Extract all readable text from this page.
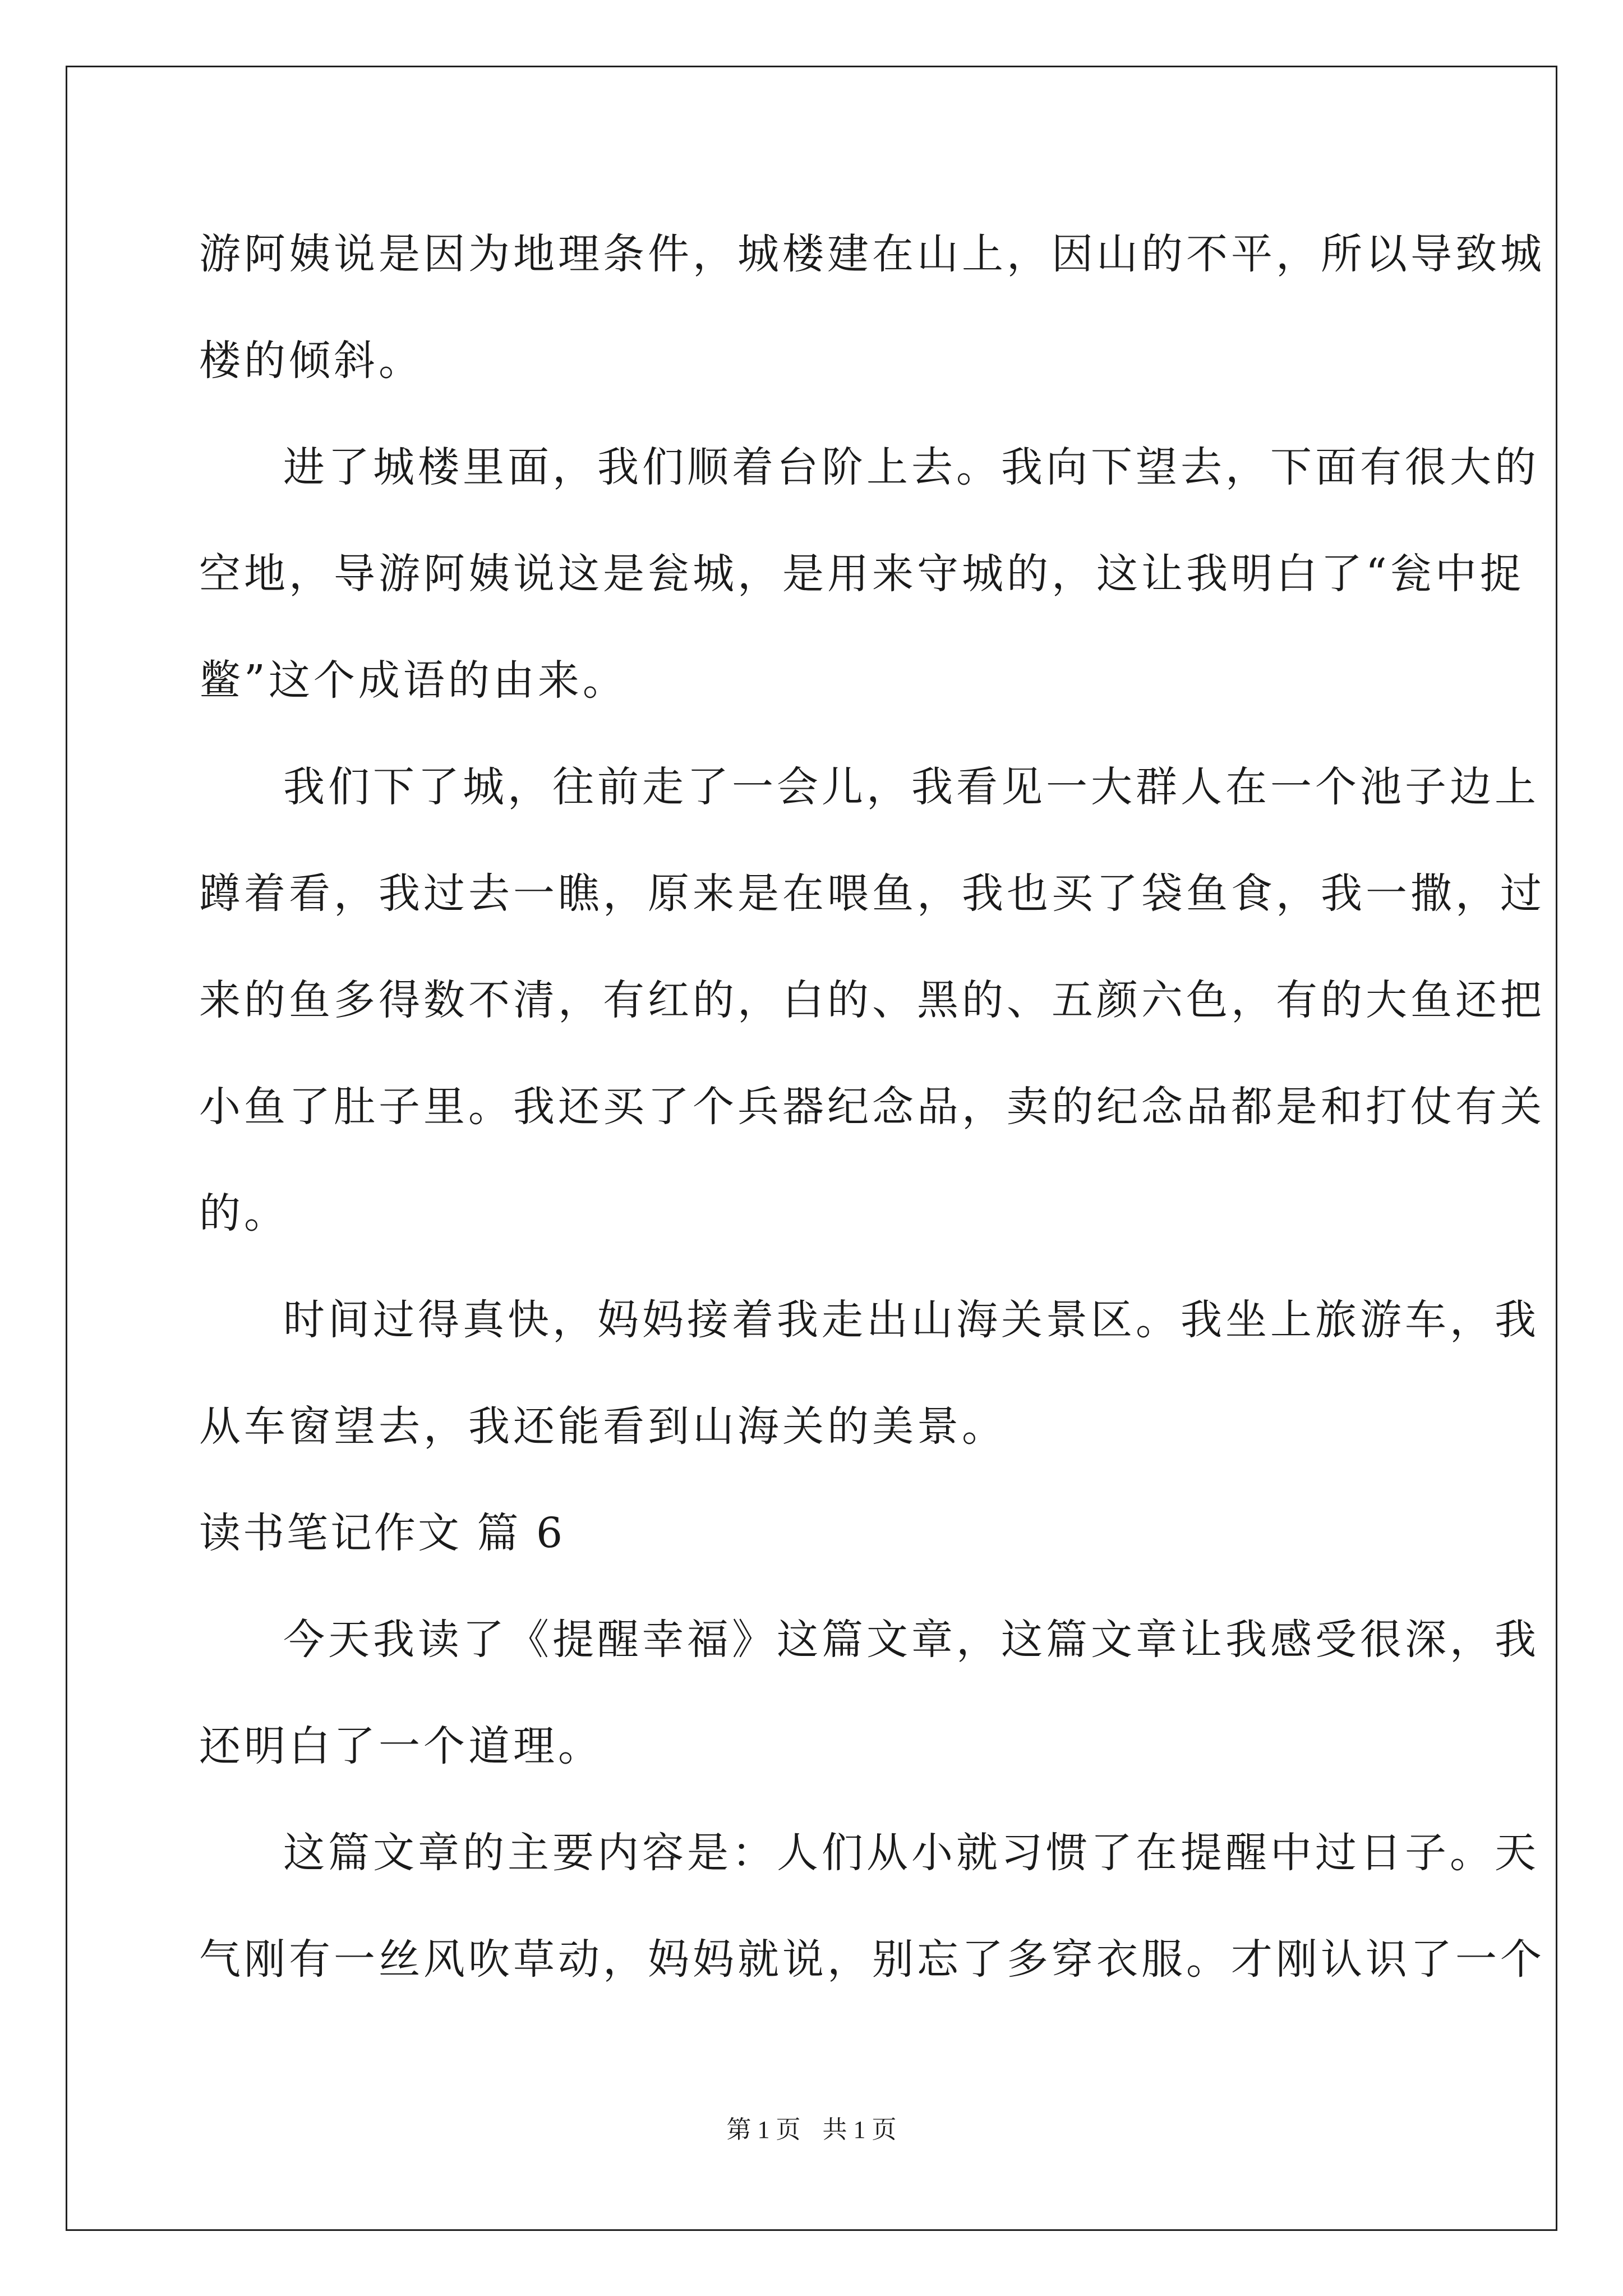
游阿姨说是因为地理条件，城楼建在山上，因山的不平，所以导致城
楼的倾斜。
进了城楼里面，我们顺着台阶上去。我向下望去，下面有很大的
空地，导游阿姨说这是瓮城，是用来守城的，这让我明白了“瓮中捉
鳖”这个成语的由来。
我们下了城，往前走了一会儿，我看见一大群人在一个池子边上
蹲着看，我过去一瞧，原来是在喂鱼，我也买了袋鱼食，我一撒，过
来的鱼多得数不清，有红的，白的、黑的、五颜六色，有的大鱼还把
小鱼了肚子里。我还买了个兵器纪念品，卖的纪念品都是和打仗有关
的。
时间过得真快，妈妈接着我走出山海关景区。我坐上旅游车，我
从车窗望去，我还能看到山海关的美景。
读书笔记作文 篇 6
今天我读了《提醒幸福》这篇文章，这篇文章让我感受很深，我
还明白了一个道理。
这篇文章的主要内容是：人们从小就习惯了在提醒中过日子。天
气刚有一丝风吹草动，妈妈就说，别忘了多穿衣服。才刚认识了一个
第 1 页 共 1 页
